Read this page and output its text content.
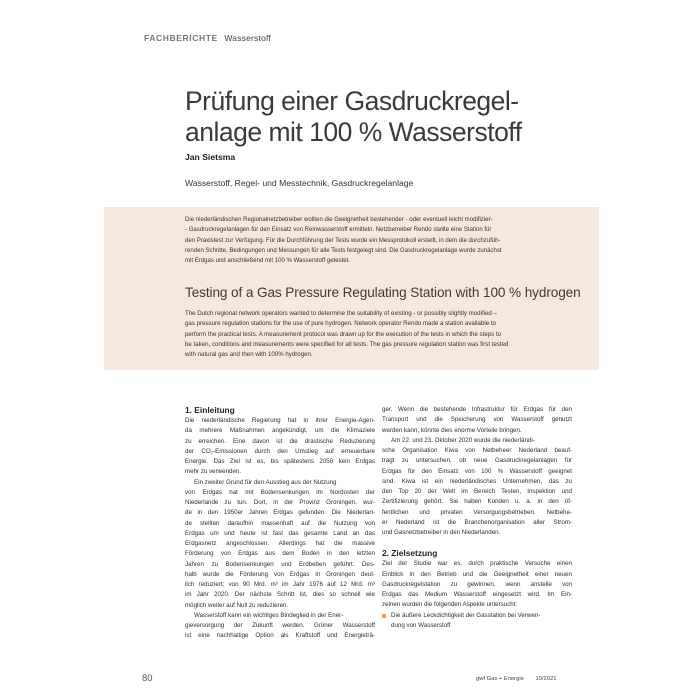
FACHBERICHTE Wasserstoff
Prüfung einer Gasdruckregel-
anlage mit 100 % Wasserstoff
Jan Sietsma
Wasserstoff, Regel- und Messtechnik, Gasdruckregelanlage
Die niederländischen Regionalnetzbetreiber wollten die Geeignetheit bestehender - oder eventuell leicht modifizier-
- Gasdruckregelanlagen für den Einsatz von Reinwasserstoff ermitteln. Netzbetreiber Rendo stellte eine Station für
den Praxistest zur Verfügung. Für die Durchführung der Tests wurde ein Messprotokoll erstellt, in dem die durchzufüh-
renden Schritte, Bedingungen und Messungen für alle Tests festgelegt sind. Die Gasdruckregelanlage wurde zunächst
mit Erdgas und anschließend mit 100 % Wasserstoff getestet.
Testing of a Gas Pressure Regulating Station with 100 % hydrogen
The Dutch regional network operators wanted to determine the suitability of existing - or possibly slightly modified –
gas pressure regulation stations for the use of pure hydrogen. Network operator Rendo made a station available to
perform the practical tests. A measurement protocol was drawn up for the execution of the tests in which the steps to
be taken, conditions and measurements were specified for all tests. The gas pressure regulation station was first tested
with natural gas and then with 100% hydrogen.
1. Einleitung
Die niederländische Regierung hat in ihrer Energie-Agen-
da mehrere Maßnahmen angekündigt, um die Klimaziele
zu erreichen. Eine davon ist die drastische Reduzierung
der CO₂-Emissionen durch den Umstieg auf erneuerbare
Energie. Das Ziel ist es, bis spätestens 2050 kein Erdgas
mehr zu verwenden.
Ein zweiter Grund für den Ausstieg aus der Nutzung
von Erdgas hat mit Bodensenkungen im Nordosten der
Niederlande zu tun. Dort, in der Provinz Groningen, wur-
de in den 1950er Jahren Erdgas gefunden. Die Niederlan-
de stellten daraufhin massenhaft auf die Nutzung von
Erdgas um und heute ist fast das gesamte Land an das
Erdgasnetz angeschlossen. Allerdings hat die massive
Förderung von Erdgas aus dem Boden in den letzten
Jahren zu Bodensenkungen und Erdbeben geführt. Des-
halb wurde die Förderung von Erdgas in Groningen deut-
lich reduziert; von 90 Mrd. m³ im Jahr 1976 auf 12 Mrd. m³
im Jahr 2020. Der nächste Schritt ist, dies so schnell wie
möglich weiter auf Null zu reduzieren.
Wasserstoff kann ein wichtiges Bindeglied in der Ener-
gieversorgung der Zukunft werden. Grüner Wasserstoff
ist eine nachhaltige Option als Kraftstoff und Energieträ-
ger. Wenn die bestehende Infrastruktur für Erdgas für den
Transport und die Speicherung von Wasserstoff genutzt
werden kann, könnte dies enorme Vorteile bringen.
Am 22. und 23. Oktober 2020 wurde die niederländi-
sche Organisation Kiwa von Netbeheer Nederland beauf-
tragt zu untersuchen, ob neue Gasdruckregelanlagen für
Erdgas für den Einsatz von 100 % Wasserstoff geeignet
sind. Kiwa ist ein niederländisches Unternehmen, das zu
den Top 20 der Welt im Bereich Testen, Inspektion und
Zertifizierung gehört. Sie haben Kunden u. a. in den öf-
fentlichen und privaten Versorgungsbetrieben. Netbehe-
er Nederland ist die Branchenorganisation aller Strom-
und Gasnetzbetreiber in den Niederlanden.
2. Zielsetzung
Ziel der Studie war es, durch praktische Versuche einen
Einblick in den Betrieb und die Geeignetheit einer neuen
Gasdruckregelstation zu gewinnen, wenn anstelle von
Erdgas das Medium Wasserstoff eingesetzt wird. Im Ein-
zelnen wurden die folgenden Aspekte untersucht:
Die äußere Leckdichtigkeit der Gasstation bei Verwen-
dung von Wasserstoff
80	gwf Gas + Energie 10/2021
